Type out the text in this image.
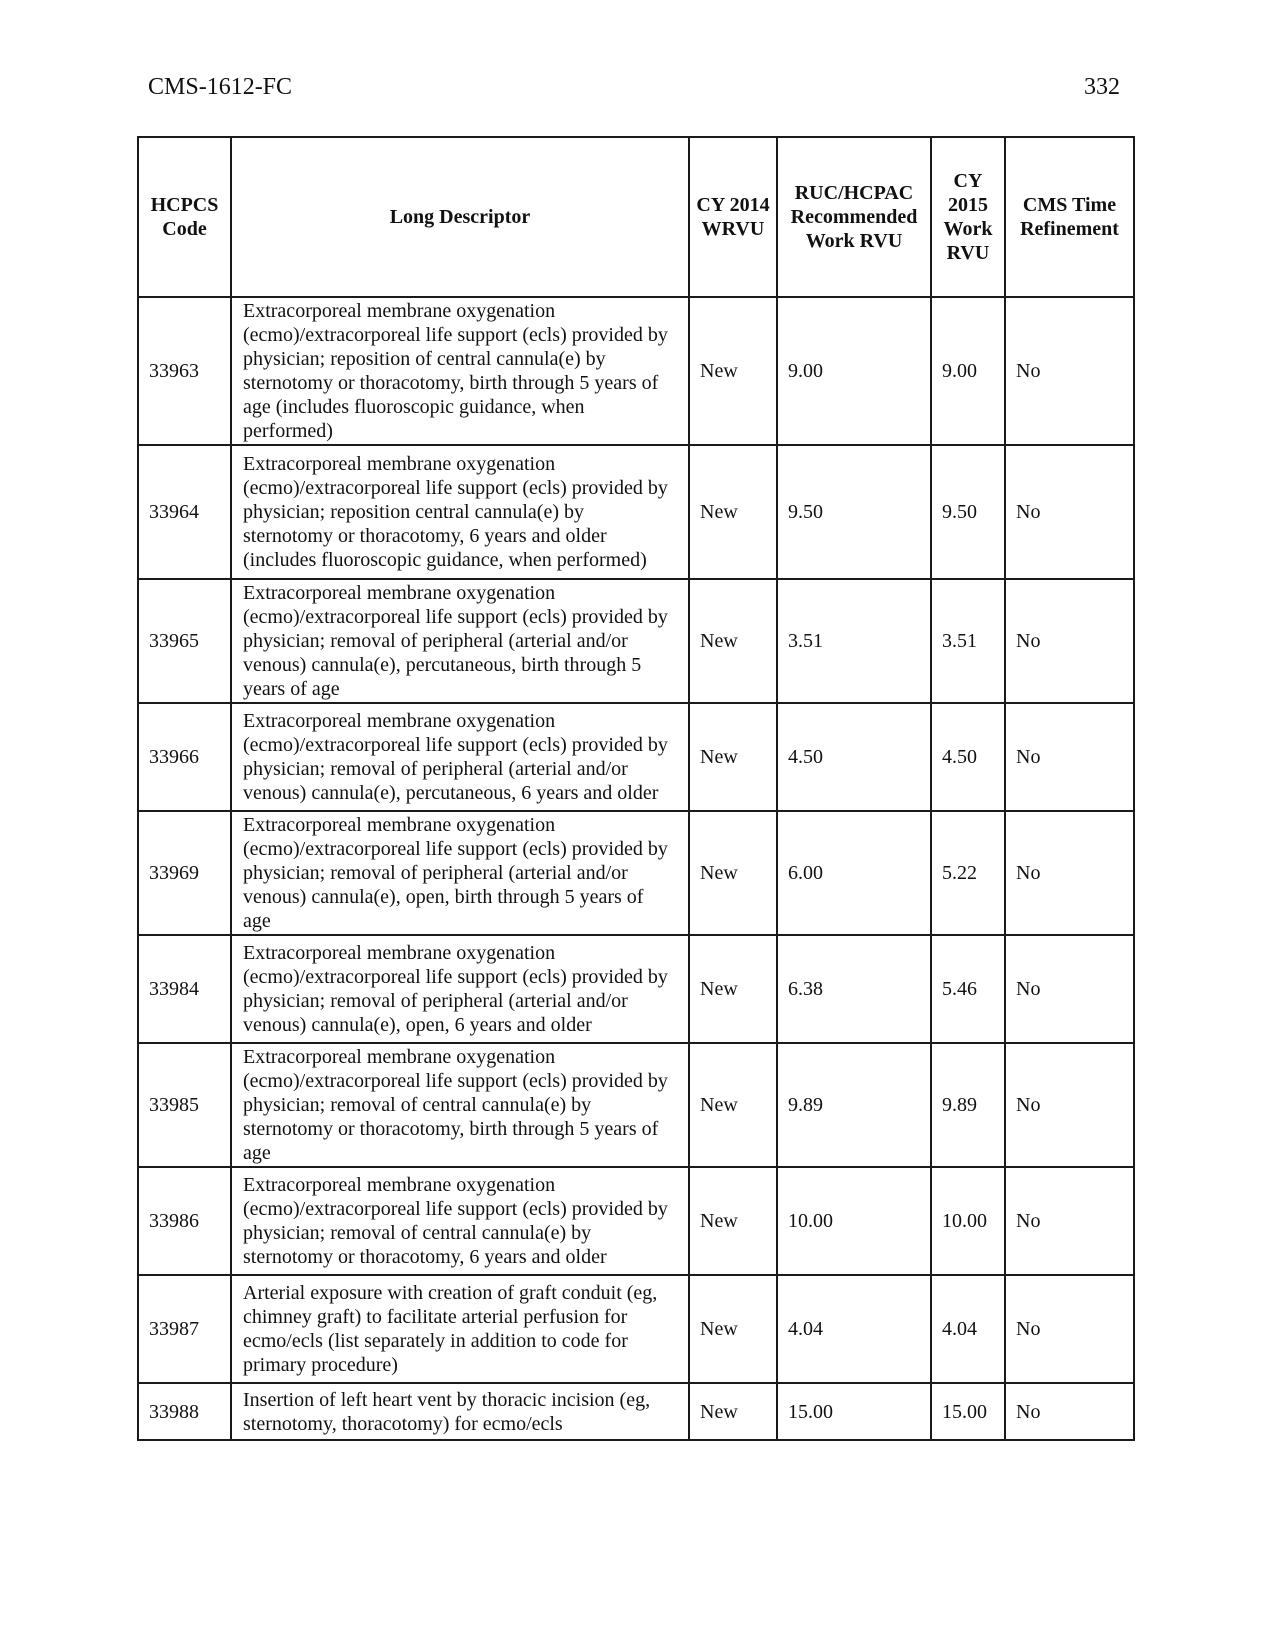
CMS-1612-FC	332
HCPCS Code	Long Descriptor	CY 2014 WRVU	RUC/HCPAC Recommended Work RVU	CY 2015 Work RVU	CMS Time Refinement
33963	Extracorporeal membrane oxygenation (ecmo)/extracorporeal life support (ecls) provided by physician; reposition of central cannula(e) by sternotomy or thoracotomy, birth through 5 years of age (includes fluoroscopic guidance, when performed)	New	9.00	9.00	No
33964	Extracorporeal membrane oxygenation (ecmo)/extracorporeal life support (ecls) provided by physician; reposition central cannula(e) by sternotomy or thoracotomy, 6 years and older (includes fluoroscopic guidance, when performed)	New	9.50	9.50	No
33965	Extracorporeal membrane oxygenation (ecmo)/extracorporeal life support (ecls) provided by physician; removal of peripheral (arterial and/or venous) cannula(e), percutaneous, birth through 5 years of age	New	3.51	3.51	No
33966	Extracorporeal membrane oxygenation (ecmo)/extracorporeal life support (ecls) provided by physician; removal of peripheral (arterial and/or venous) cannula(e), percutaneous, 6 years and older	New	4.50	4.50	No
33969	Extracorporeal membrane oxygenation (ecmo)/extracorporeal life support (ecls) provided by physician; removal of peripheral (arterial and/or venous) cannula(e), open, birth through 5 years of age	New	6.00	5.22	No
33984	Extracorporeal membrane oxygenation (ecmo)/extracorporeal life support (ecls) provided by physician; removal of peripheral (arterial and/or venous) cannula(e), open, 6 years and older	New	6.38	5.46	No
33985	Extracorporeal membrane oxygenation (ecmo)/extracorporeal life support (ecls) provided by physician; removal of central cannula(e) by sternotomy or thoracotomy, birth through 5 years of age	New	9.89	9.89	No
33986	Extracorporeal membrane oxygenation (ecmo)/extracorporeal life support (ecls) provided by physician; removal of central cannula(e) by sternotomy or thoracotomy, 6 years and older	New	10.00	10.00	No
33987	Arterial exposure with creation of graft conduit (eg, chimney graft) to facilitate arterial perfusion for ecmo/ecls (list separately in addition to code for primary procedure)	New	4.04	4.04	No
33988	Insertion of left heart vent by thoracic incision (eg, sternotomy, thoracotomy) for ecmo/ecls	New	15.00	15.00	No
